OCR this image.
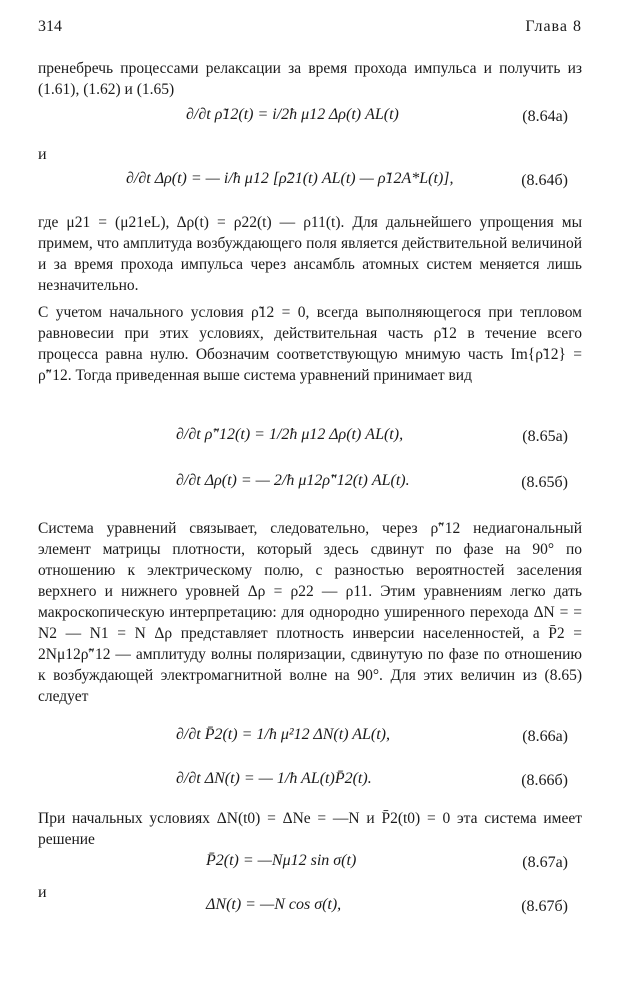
314	Глава 8
пренебречь процессами релаксации за время прохода импульса и получить из (1.61), (1.62) и (1.65)
∂/∂t ρ̃12(t) = i/2ħ μ12 Δρ(t) AL(t)	(8.64а)
и
∂/∂t Δρ(t) = — i/ħ μ12 [ρ̃21(t) AL(t) — ρ̃12A*L(t)],	(8.64б)
где μ21 = (μ21eL), Δρ(t) = ρ22(t) — ρ11(t). Для дальнейшего упрощения мы примем, что амплитуда возбуждающего поля является действительной величиной и за время прохода импульса через ансамбль атомных систем меняется лишь незначительно.
С учетом начального условия ρ̃12 = 0, всегда выполняющегося при тепловом равновесии при этих условиях, действительная часть ρ̃12 в течение всего процесса равна нулю. Обозначим соответствующую мнимую часть Im{ρ̃12} = ρ̃″12. Тогда приведенная выше система уравнений принимает вид
∂/∂t ρ̃″12(t) = 1/2ħ μ12 Δρ(t) AL(t),	(8.65а)
∂/∂t Δρ(t) = — 2/ħ μ12ρ̃″12(t) AL(t).	(8.65б)
Система уравнений связывает, следовательно, через ρ̃″12 недиагональный элемент матрицы плотности, который здесь сдвинут по фазе на 90° по отношению к электрическому полю, с разностью вероятностей заселения верхнего и нижнего уровней Δρ = ρ22 — ρ11. Этим уравнениям легко дать макроскопическую интерпретацию: для однородно уширенного перехода ΔN = = N2 — N1 = N Δρ представляет плотность инверсии населенностей, а P̄2 = 2Nμ12ρ̃″12 — амплитуду волны поляризации, сдвинутую по фазе по отношению к возбуждающей электромагнитной волне на 90°. Для этих величин из (8.65) следует
∂/∂t P̄2(t) = 1/ħ μ²12 ΔN(t) AL(t),	(8.66а)
∂/∂t ΔN(t) = — 1/ħ AL(t)P̄2(t).	(8.66б)
При начальных условиях ΔN(t0) = ΔNe = —N и P̄2(t0) = 0 эта система имеет решение
P̄2(t) = —Nμ12 sin σ(t)	(8.67а)
и
ΔN(t) = —N cos σ(t),	(8.67б)
